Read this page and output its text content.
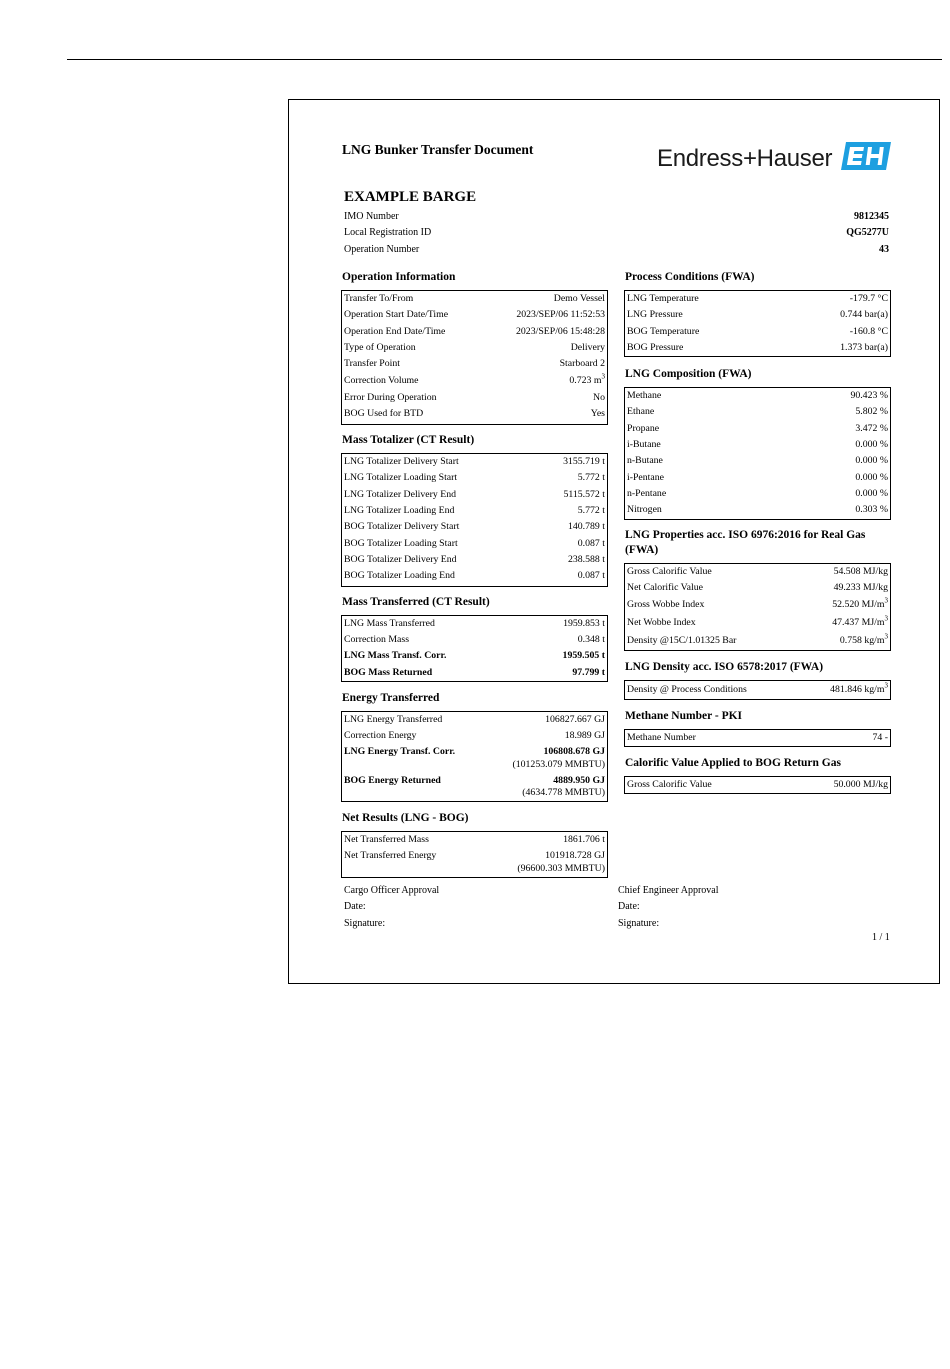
LNG Bunker Transfer Document	Endress+Hauser
EXAMPLE BARGE
IMO Number	9812345
Local Registration ID	QG5277U
Operation Number	43
Operation Information
Transfer To/From	Demo Vessel
Operation Start Date/Time	2023/SEP/06 11:52:53
Operation End Date/Time	2023/SEP/06 15:48:28
Type of Operation	Delivery
Transfer Point	Starboard 2
Correction Volume	0.723 $m^3$
Error During Operation	No
BOG Used for BTD	Yes
Mass Totalizer (CT Result)
LNG Totalizer Delivery Start	3155.719 t
LNG Totalizer Loading Start	5.772 t
LNG Totalizer Delivery End	5115.572 t
LNG Totalizer Loading End	5.772 t
BOG Totalizer Delivery Start	140.789 t
BOG Totalizer Loading Start	0.087 t
BOG Totalizer Delivery End	238.588 t
BOG Totalizer Loading End	0.087 t
Mass Transferred (CT Result)
LNG Mass Transferred	1959.853 t
Correction Mass	0.348 t
LNG Mass Transf. Corr.	1959.505 t
BOG Mass Returned	97.799 t
Energy Transferred
LNG Energy Transferred	106827.667 GJ
Correction Energy	18.989 GJ
LNG Energy Transf. Corr.	106808.678 GJ
(101253.079 MMBTU)
BOG Energy Returned	4889.950 GJ
(4634.778 MMBTU)
Net Results (LNG - BOG)
Net Transferred Mass	1861.706 t
Net Transferred Energy	101918.728 GJ
(96600.303 MMBTU)
Process Conditions (FWA)
LNG Temperature	-179.7 °C
LNG Pressure	0.744 bar(a)
BOG Temperature	-160.8 °C
BOG Pressure	1.373 bar(a)
LNG Composition (FWA)
Methane	90.423 %
Ethane	5.802 %
Propane	3.472 %
i-Butane	0.000 %
n-Butane	0.000 %
i-Pentane	0.000 %
n-Pentane	0.000 %
Nitrogen	0.303 %
LNG Properties acc. ISO 6976:2016 for Real Gas
(FWA)
Gross Calorific Value	54.508 MJ/kg
Net Calorific Value	49.233 MJ/kg
Gross Wobbe Index	52.520 $MJ/m^3$
Net Wobbe Index	47.437 $MJ/m^3$
Density @15C/1.01325 Bar	0.758 $kg/m^3$
LNG Density acc. ISO 6578:2017 (FWA)
Density @ Process Conditions	481.846 $kg/m^3$
Methane Number - PKI
Methane Number	74 -
Calorific Value Applied to BOG Return Gas
Gross Calorific Value	50.000 MJ/kg
Cargo Officer Approval
Date:
Signature:
Chief Engineer Approval
Date:
Signature:
1 / 1
